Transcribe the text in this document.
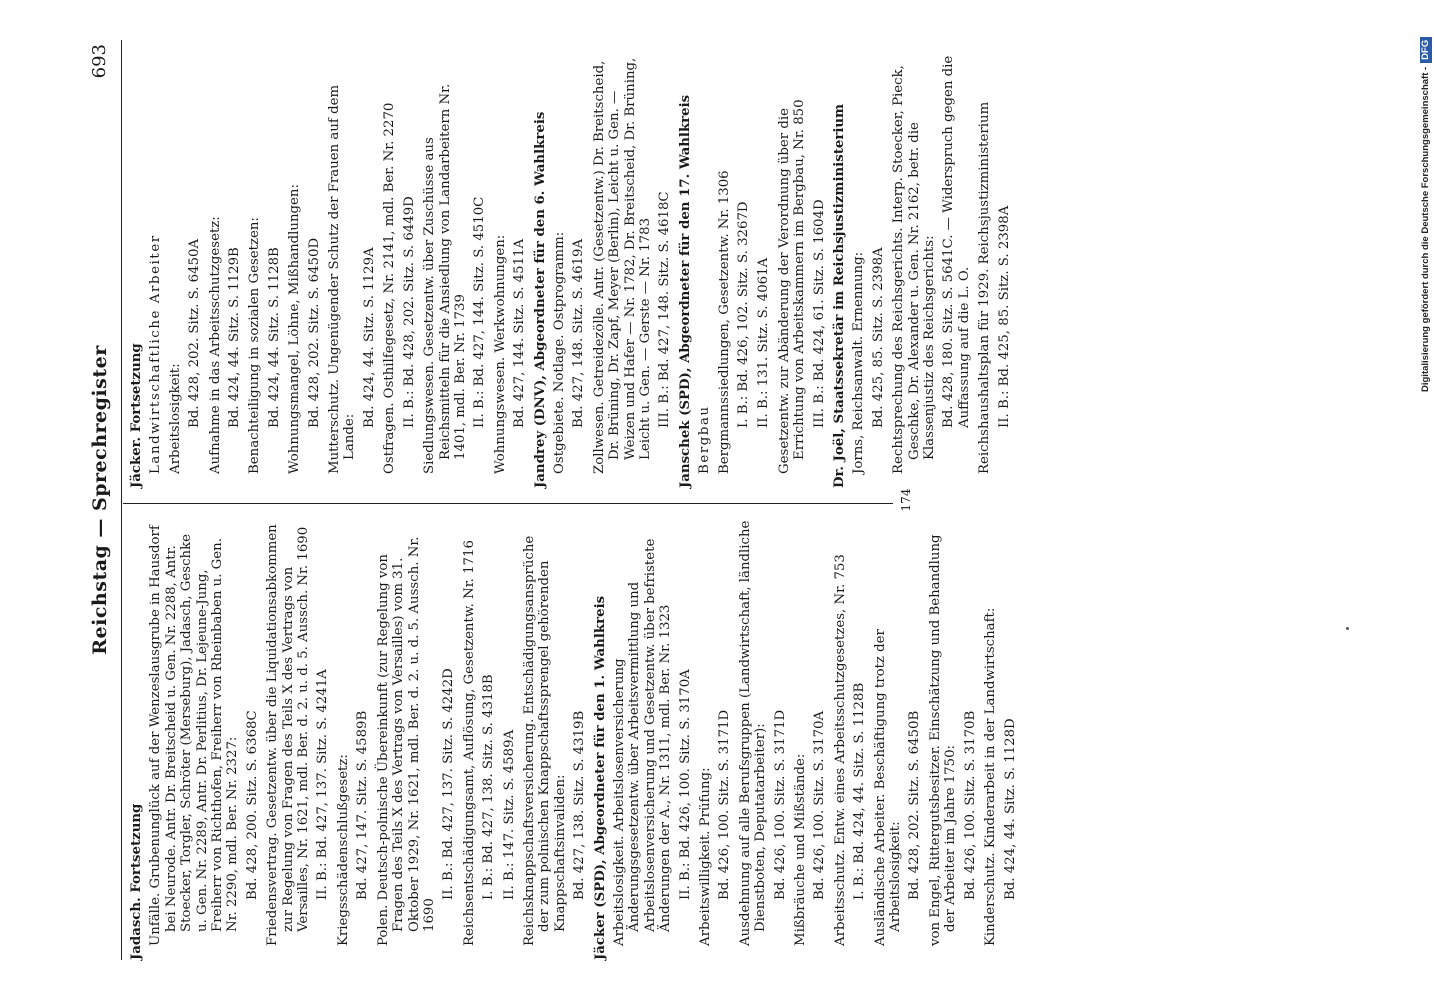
Reichstag — Sprechregister
693

Jadasch. Fortsetzung Unfälle. Grubenunglück auf der Wenzeslausgrube in Hausdorf bei Neurode. Antr. Dr. Breitscheid u. Gen. Nr. 2288, Antr. Stoecker, Torgler, Schröter (Merseburg), Jadasch, Geschke u. Gen. Nr. 2289, Antr. Dr. Perlitius, Dr. Lejeune-Jung, Freiherr von Richthofen, Freiherr von Rheinbaben u. Gen. Nr. 2290, mdl. Ber. Nr. 2327: Bd. 428, 200. Sitz. S. 6368C Friedensvertrag. Gesetzentw. über die Liquidationsabkommen zur Regelung von Fragen des Teils X des Vertrags von Versailles, Nr. 1621, mdl. Ber. d. 2. u. d. 5. Aussch. Nr. 1690 II. B.: Bd. 427, 137. Sitz. S. 4241A Kriegsschädenschlußgesetz: Bd. 427, 147. Sitz. S. 4589B Polen. Deutsch-polnische Übereinkunft (zur Regelung von Fragen des Teils X des Vertrags von Versailles) vom 31. Oktober 1929, Nr. 1621, mdl. Ber. d. 2. u. d. 5. Aussch. Nr. 1690

II. B.: Bd. 427, 137. Sitz. S. 4242D Reichsentschädigungsamt, Auflösung, Gesetzentw. Nr. 1716 I. B.: Bd. 427, 138. Sitz. S. 4318B II. B.: 147. Sitz. S. 4589A Reichsknappschaftsversicherung. Entschädigungsansprüche der zum polnischen Knappschaftssprengel gehörenden Knappschaftsinvaliden: Bd. 427, 138. Sitz. S. 4319B Jäcker (SPD), Abgeordneter für den 1. Wahlkreis Arbeitslosigkeit. Arbeitslosenversicherung Änderungsgesetzentw. über Arbeitsvermittlung und Arbeitslosenversicherung und Gesetzentw. über befristete Änderungen der A., Nr. 1311, mdl. Ber. Nr. 1323 II. B.: Bd. 426, 100. Sitz. S. 3170A Arbeitswilligkeit. Prüfung: Bd. 426, 100. Sitz. S. 3171D Ausdehnung auf alle Berufsgruppen (Landwirtschaft, ländliche Dienstboten, Deputatarbeiter): Bd. 426, 100. Sitz. S. 3171D Mißbräuche und Mißstände: Bd. 426, 100. Sitz. S. 3170A Arbeitsschutz. Entw. eines Arbeitsschutzgesetzes, Nr. 753 I. B.: Bd. 424, 44. Sitz. S. 1128B Ausländische Arbeiter. Beschäftigung trotz der Arbeitslosigkeit: Bd. 428, 202. Sitz. S. 6450B von Engel, Rittergutsbesitzer. Einschätzung und Behandlung der Arbeiter im Jahre 1750: Bd. 426, 100. Sitz. S. 3170B Kinderschutz. Kinderarbeit in der Landwirtschaft: Bd. 424, 44. Sitz. S. 1128D

Jäcker. Fortsetzung Landwirtschaftliche Arbeiter Arbeitslosigkeit: Bd. 428, 202. Sitz. S. 6450A Aufnahme in das Arbeitsschutzgesetz: Bd. 424, 44. Sitz. S. 1129B Benachteiligung in sozialen Gesetzen: Bd. 424, 44. Sitz. S. 1128B Wohnungsmangel, Löhne, Mißhandlungen: Bd. 428, 202. Sitz. S. 6450D Mutterschutz. Ungenügender Schutz der Frauen auf dem Lande:

Bd. 424, 44. Sitz. S. 1129A Ostfragen. Osthilfegesetz, Nr. 2141, mdl. Ber. Nr. 2270 II. B.: Bd. 428, 202. Sitz. S. 6449D Siedlungswesen. Gesetzentw. über Zuschüsse aus Reichsmitteln für die Ansiedlung von Landarbeitern Nr. 1401, mdl. Ber. Nr. 1739 II. B.: Bd. 427, 144. Sitz. S. 4510C Wohnungswesen. Werkwohnungen: Bd. 427, 144. Sitz. S. 4511A Jandrey (DNV), Abgeordneter für den 6. Wahlkreis Ostgebiete. Notlage. Ostprogramm: Bd. 427, 148. Sitz. S. 4619A Zollwesen. Getreidezölle. Antr. (Gesetzentw.) Dr. Breitscheid, Dr. Brüning, Dr. Zapf, Meyer (Berlin), Leicht u. Gen. — Weizen und Hafer — Nr. 1782, Dr. Breitscheid, Dr. Brüning, Leicht u. Gen. — Gerste — Nr. 1783 III. B.: Bd. 427, 148. Sitz. S. 4618C Janschek (SPD), Abgeordneter für den 17. Wahlkreis Bergbau Bergmannssiedlungen, Gesetzentw. Nr. 1306 I. B.: Bd. 426, 102. Sitz. S. 3267D II. B.: 131. Sitz. S. 4061A Gesetzentw. zur Abänderung der Verordnung über die Errichtung von Arbeitskammern im Bergbau, Nr. 850 III. B.: Bd. 424, 61. Sitz. S. 1604D Dr. Joël, Staatssekretär im Reichsjustizministerium Jorns, Reichsanwalt. Ernennung: Bd. 425, 85. Sitz. S. 2398A Rechtsprechung des Reichsgerichts. Interp. Stoecker, Pieck, Geschke, Dr. Alexander u. Gen. Nr. 2162, betr. die Klassenjustiz des Reichsgerichts: Bd. 428, 180. Sitz. S. 5641C. — Widerspruch gegen die Auffassung auf die L. O. Reichshaushaltsplan für 1929. Reichsjustizministerium II. B.: Bd. 425, 85. Sitz. S. 2398A

174
Digitalisierung gefördert durch die Deutsche Forschungsgemeinschaft -DFG
